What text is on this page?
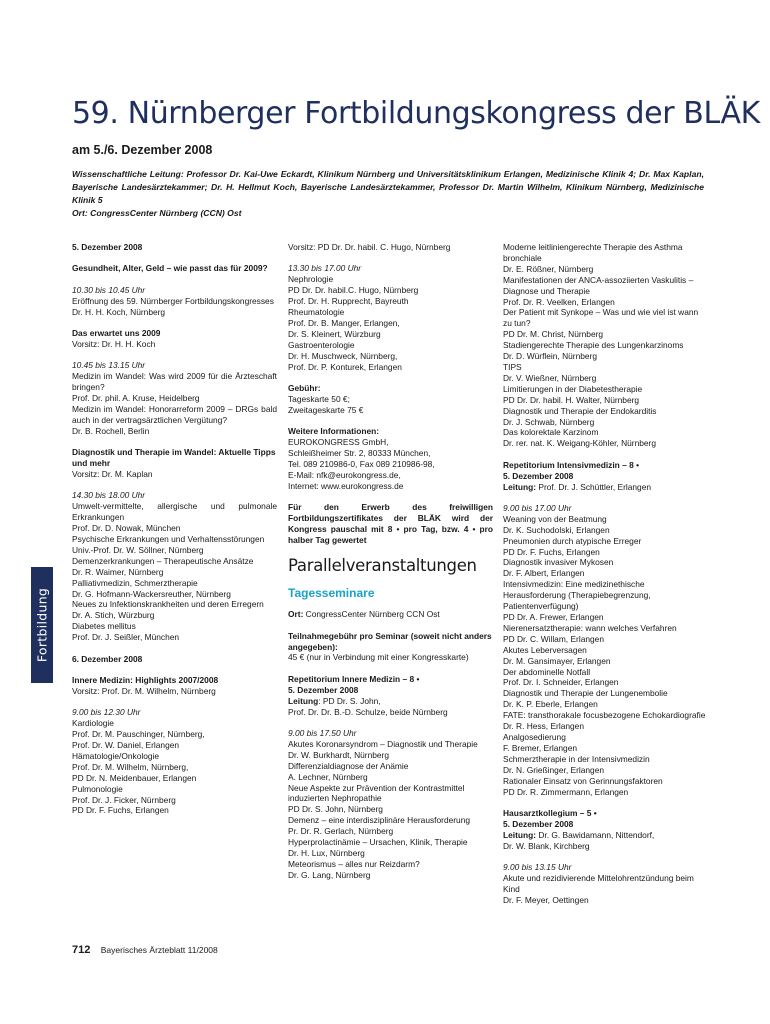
59. Nürnberger Fortbildungskongress der BLÄK
am 5./6. Dezember 2008
Wissenschaftliche Leitung: Professor Dr. Kai-Uwe Eckardt, Klinikum Nürnberg und Universitätsklinikum Erlangen, Medizinische Klinik 4; Dr. Max Kaplan, Bayerische Landesärztekammer; Dr. H. Hellmut Koch, Bayerische Landesärztekammer, Professor Dr. Martin Wilhelm, Klinikum Nürnberg, Medizinische Klinik 5
Ort: CongressCenter Nürnberg (CCN) Ost
Fortbildung

5. Dezember 2008

Gesundheit, Alter, Geld – wie passt das für 2009?

10.30 bis 10.45 Uhr
Eröffnung des 59. Nürnberger Fortbildungskongresses
Dr. H. H. Koch, Nürnberg

Das erwartet uns 2009
Vorsitz: Dr. H. H. Koch

10.45 bis 13.15 Uhr
Medizin im Wandel: Was wird 2009 für die Ärzteschaft bringen?
Prof. Dr. phil. A. Kruse, Heidelberg
Medizin im Wandel: Honorarreform 2009 – DRGs bald auch in der vertragsärztlichen Vergütung?
Dr. B. Rochell, Berlin

Diagnostik und Therapie im Wandel: Aktuelle Tipps und mehr
Vorsitz: Dr. M. Kaplan

14.30 bis 18.00 Uhr
Umwelt-vermittelte, allergische und pulmonale Erkrankungen
Prof. Dr. D. Nowak, München
Psychische Erkrankungen und Verhaltensstörungen
Univ.-Prof. Dr. W. Söllner, Nürnberg
Demenzerkrankungen – Therapeutische Ansätze
Dr. R. Waimer, Nürnberg
Palliativmedizin, Schmerztherapie
Dr. G. Hofmann-Wackersreuther, Nürnberg
Neues zu Infektionskrankheiten und deren Erregern
Dr. A. Stich, Würzburg
Diabetes mellitus
Prof. Dr. J. Seißler, München

6. Dezember 2008

Innere Medizin: Highlights 2007/2008
Vorsitz: Prof. Dr. M. Wilhelm, Nürnberg

9.00 bis 12.30 Uhr
Kardiologie
Prof. Dr. M. Pauschinger, Nürnberg,
Prof. Dr. W. Daniel, Erlangen
Hämatologie/Onkologie
Prof. Dr. M. Wilhelm, Nürnberg,
PD Dr. N. Meidenbauer, Erlangen
Pulmonologie
Prof. Dr. J. Ficker, Nürnberg
PD Dr. F. Fuchs, Erlangen

Vorsitz: PD Dr. Dr. habil. C. Hugo, Nürnberg

13.30 bis 17.00 Uhr
Nephrologie
PD Dr. Dr. habil.C. Hugo, Nürnberg
Prof. Dr. H. Rupprecht, Bayreuth
Rheumatologie
Prof. Dr. B. Manger, Erlangen,
Dr. S. Kleinert, Würzburg
Gastroenterologie
Dr. H. Muschweck, Nürnberg,
Prof. Dr. P. Konturek, Erlangen

Gebühr:
Tageskarte 50 €;
Zweitageskarte 75 €

Weitere Informationen:
EUROKONGRESS GmbH,
Schleißheimer Str. 2, 80333 München,
Tel. 089 210986-0, Fax 089 210986-98,
E-Mail: nfk@eurokongress.de,
Internet: www.eurokongress.de

Für den Erwerb des freiwilligen Fortbildungszertifikates der BLÄK wird der Kongress pauschal mit 8 • pro Tag, bzw. 4 • pro halber Tag gewertet

Parallelveranstaltungen
Tagesseminare

Ort: CongressCenter Nürnberg CCN Ost

Teilnahmegebühr pro Seminar (soweit nicht anders angegeben):
45 € (nur in Verbindung mit einer Kongresskarte)

Repetitorium Innere Medizin – 8 •
5. Dezember 2008
Leitung: PD Dr. S. John,
Prof. Dr. Dr. B.-D. Schulze, beide Nürnberg

9.00 bis 17.50 Uhr
Akutes Koronarsyndrom – Diagnostik und Therapie
Dr. W. Burkhardt, Nürnberg
Differenzialdiagnose der Anämie
A. Lechner, Nürnberg
Neue Aspekte zur Prävention der Kontrastmittel induzierten Nephropathie
PD Dr. S. John, Nürnberg
Demenz – eine interdisziplinäre Herausforderung
Pr. Dr. R. Gerlach, Nürnberg
Hyperprolactinämie – Ursachen, Klinik, Therapie
Dr. H. Lux, Nürnberg
Meteorismus – alles nur Reizdarm?
Dr. G. Lang, Nürnberg

Moderne leitliniengerechte Therapie des Asthma bronchiale
Dr. E. Rößner, Nürnberg
Manifestationen der ANCA-assoziierten Vaskulitis – Diagnose und Therapie
Prof. Dr. R. Veelken, Erlangen
Der Patient mit Synkope – Was und wie viel ist wann zu tun?
PD Dr. M. Christ, Nürnberg
Stadiengerechte Therapie des Lungenkarzinoms
Dr. D. Würflein, Nürnberg
TIPS
Dr. V. Wießner, Nürnberg
Limitierungen in der Diabetestherapie
PD Dr. Dr. habil. H. Walter, Nürnberg
Diagnostik und Therapie der Endokarditis
Dr. J. Schwab, Nürnberg
Das kolorektale Karzinom
Dr. rer. nat. K. Weigang-Köhler, Nürnberg

Repetitorium Intensivmedizin – 8 •
5. Dezember 2008
Leitung: Prof. Dr. J. Schüttler, Erlangen

9.00 bis 17.00 Uhr
Weaning von der Beatmung
Dr. K. Suchodolski, Erlangen
Pneumonien durch atypische Erreger
PD Dr. F. Fuchs, Erlangen
Diagnostik invasiver Mykosen
Dr. F. Albert, Erlangen
Intensivmedizin: Eine medizinethische Herausforderung (Therapiebegrenzung, Patientenverfügung)
PD Dr. A. Frewer, Erlangen
Nierenersatztherapie: wann welches Verfahren
PD Dr. C. Willam, Erlangen
Akutes Leberversagen
Dr. M. Gansimayer, Erlangen
Der abdominelle Notfall
Prof. Dr. I. Schneider, Erlangen
Diagnostik und Therapie der Lungenembolie
Dr. K. P. Eberle, Erlangen
FATE: transthorakale focusbezogene Echokardiografie
Dr. R. Hess, Erlangen
Analgosedierung
F. Bremer, Erlangen
Schmerztherapie in der Intensivmedizin
Dr. N. Grießinger, Erlangen
Rationaler Einsatz von Gerinnungsfaktoren
PD Dr. R. Zimmermann, Erlangen

Hausarztkollegium – 5 •
5. Dezember 2008
Leitung: Dr. G. Bawidamann, Nittendorf,
Dr. W. Blank, Kirchberg

9.00 bis 13.15 Uhr
Akute und rezidivierende Mittelohrentzündung beim Kind
Dr. F. Meyer, Oettingen

712 Bayerisches Ärzteblatt 11/2008
